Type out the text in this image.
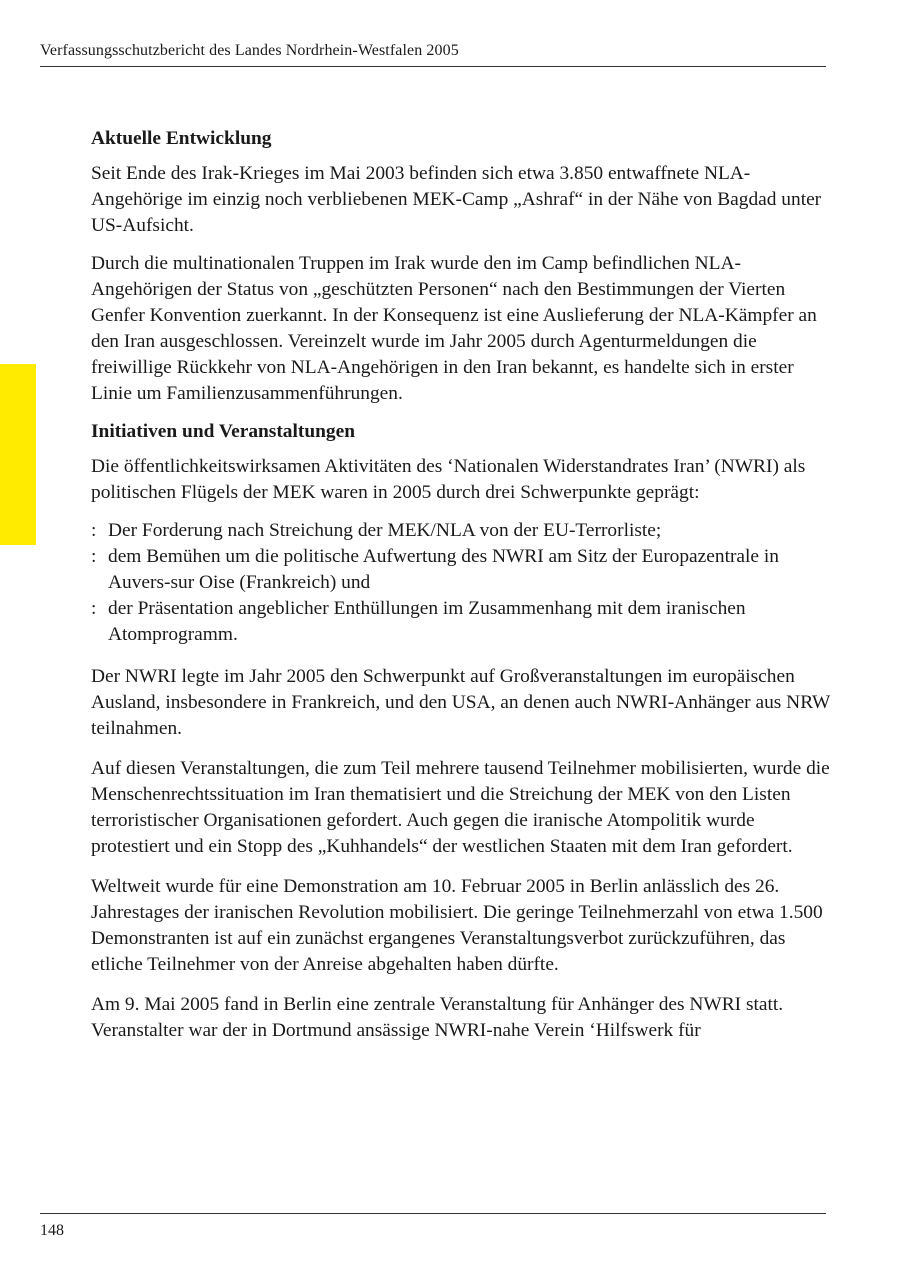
Verfassungsschutzbericht des Landes Nordrhein-Westfalen 2005
Aktuelle Entwicklung

Seit Ende des Irak-Krieges im Mai 2003 befinden sich etwa 3.850 entwaffnete NLA-Angehörige im einzig noch verbliebenen MEK-Camp „Ashraf“ in der Nähe von Bagdad unter US-Aufsicht.

Durch die multinationalen Truppen im Irak wurde den im Camp befindlichen NLA-Angehörigen der Status von „geschützten Personen“ nach den Bestimmungen der Vierten Genfer Konvention zuerkannt. In der Konsequenz ist eine Auslieferung der NLA-Kämpfer an den Iran ausgeschlossen. Vereinzelt wurde im Jahr 2005 durch Agenturmeldungen die freiwillige Rückkehr von NLA-Angehörigen in den Iran bekannt, es handelte sich in erster Linie um Familienzusammenführungen.

Initiativen und Veranstaltungen

Die öffentlichkeitswirksamen Aktivitäten des ‘Nationalen Widerstandrates Iran’ (NWRI) als politischen Flügels der MEK waren in 2005 durch drei Schwerpunkte geprägt:

: Der Forderung nach Streichung der MEK/NLA von der EU-Terrorliste;
: dem Bemühen um die politische Aufwertung des NWRI am Sitz der Europazentrale in Auvers-sur Oise (Frankreich) und
: der Präsentation angeblicher Enthüllungen im Zusammenhang mit dem iranischen Atomprogramm.

Der NWRI legte im Jahr 2005 den Schwerpunkt auf Großveranstaltungen im europäischen Ausland, insbesondere in Frankreich, und den USA, an denen auch NWRI-Anhänger aus NRW teilnahmen.

Auf diesen Veranstaltungen, die zum Teil mehrere tausend Teilnehmer mobilisierten, wurde die Menschenrechtssituation im Iran thematisiert und die Streichung der MEK von den Listen terroristischer Organisationen gefordert. Auch gegen die iranische Atompolitik wurde protestiert und ein Stopp des „Kuhhandels“ der westlichen Staaten mit dem Iran gefordert.

Weltweit wurde für eine Demonstration am 10. Februar 2005 in Berlin anlässlich des 26. Jahrestages der iranischen Revolution mobilisiert. Die geringe Teilnehmerzahl von etwa 1.500 Demonstranten ist auf ein zunächst ergangenes Veranstaltungsverbot zurückzuführen, das etliche Teilnehmer von der Anreise abgehalten haben dürfte.

Am 9. Mai 2005 fand in Berlin eine zentrale Veranstaltung für Anhänger des NWRI statt. Veranstalter war der in Dortmund ansässige NWRI-nahe Verein ‘Hilfswerk für

148
